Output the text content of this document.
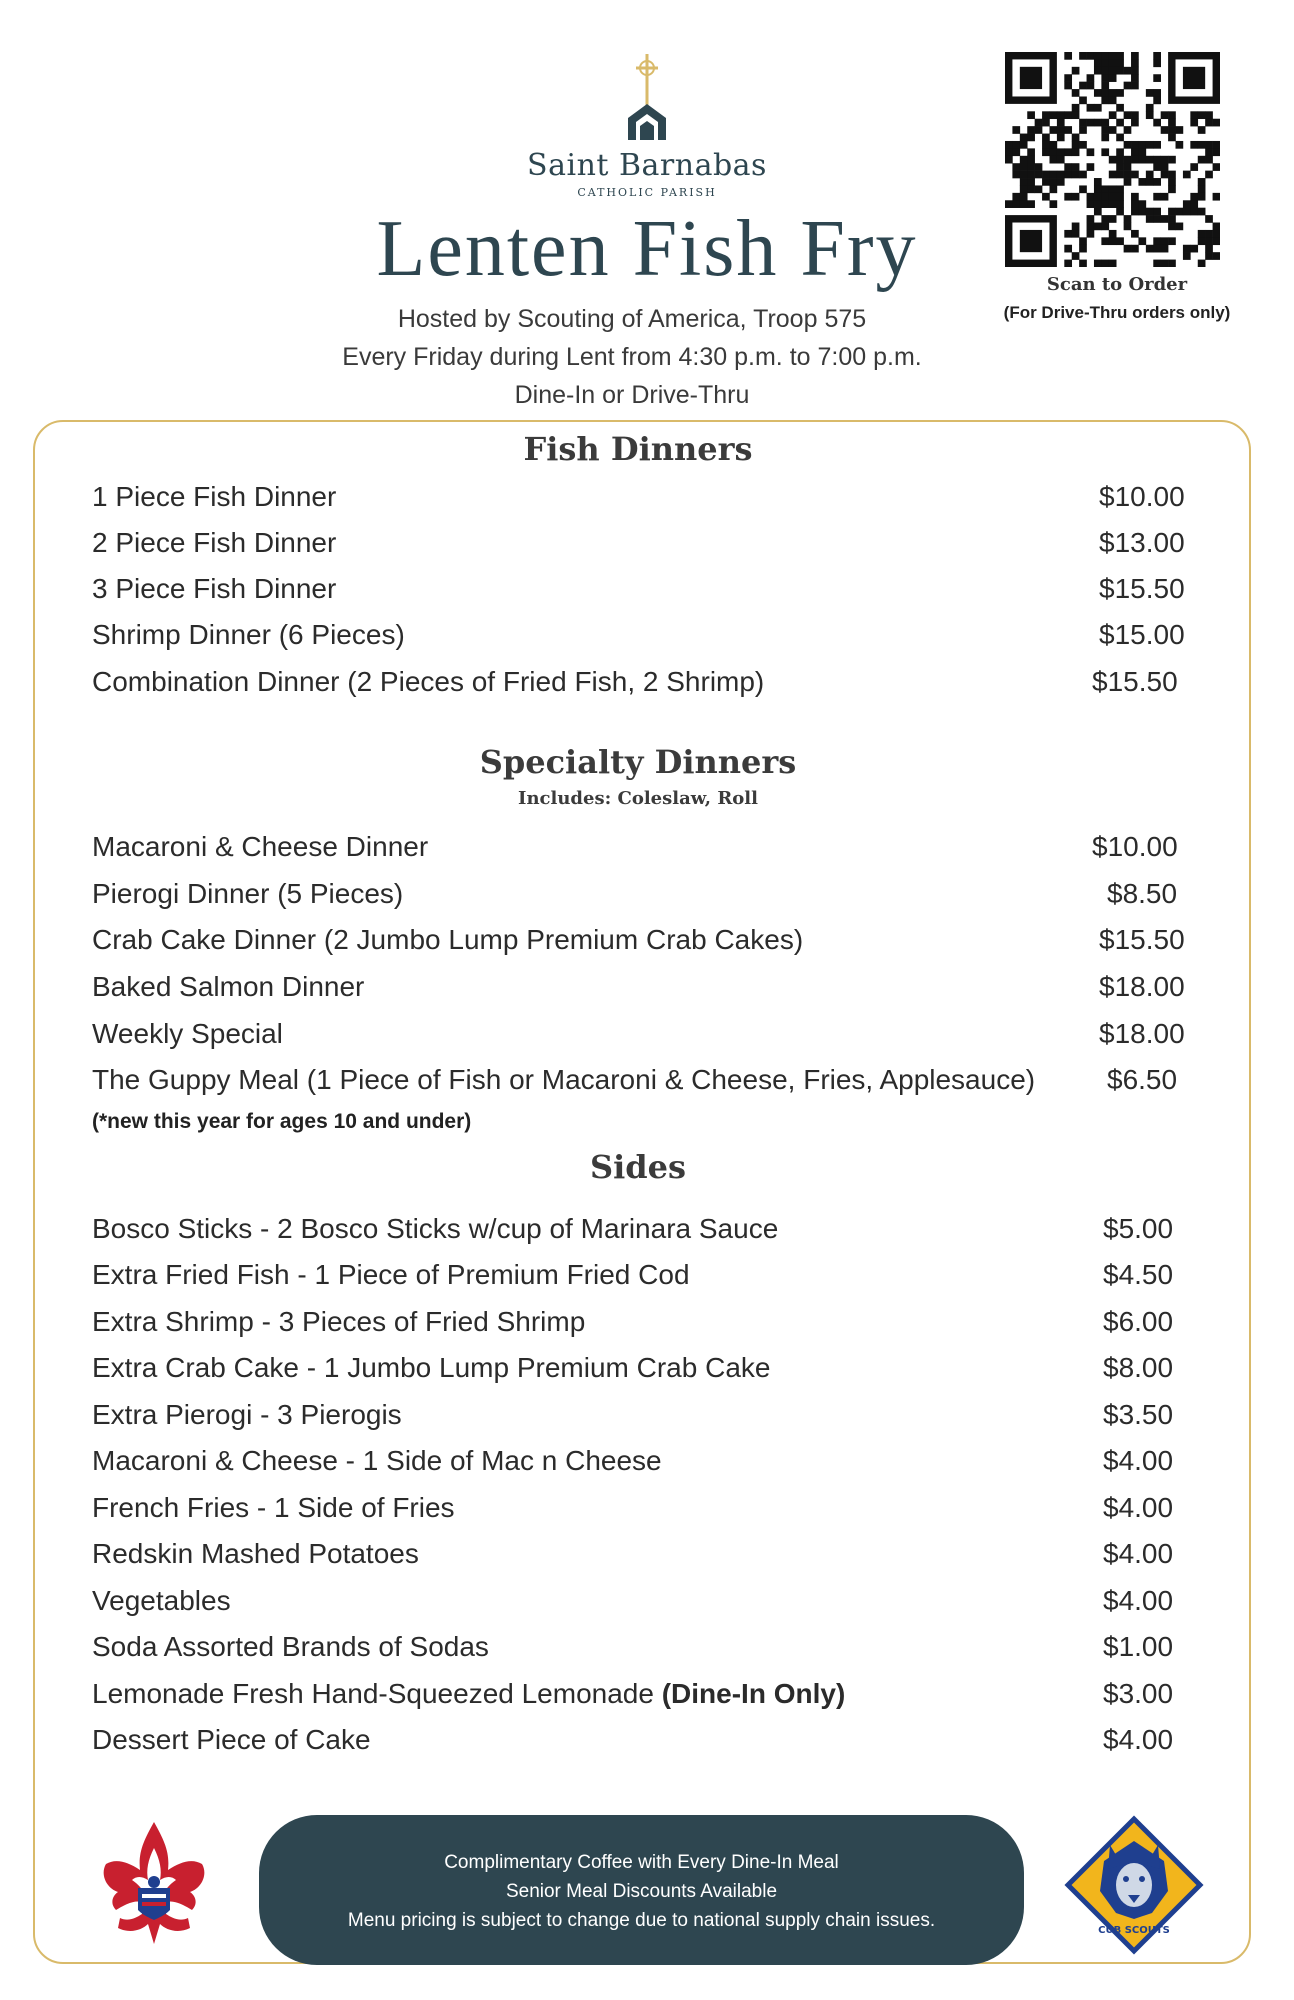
Saint Barnabas
CATHOLIC PARISH
Lenten Fish Fry
Hosted by Scouting of America, Troop 575
Every Friday during Lent from 4:30 p.m. to 7:00 p.m.
Dine-In or Drive-Thru
Scan to Order
(For Drive-Thru orders only)
Fish Dinners
1 Piece Fish Dinner	$10.00
2 Piece Fish Dinner	$13.00
3 Piece Fish Dinner	$15.50
Shrimp Dinner (6 Pieces)	$15.00
Combination Dinner (2 Pieces of Fried Fish, 2 Shrimp)	$15.50
Specialty Dinners
Includes: Coleslaw, Roll
Macaroni & Cheese Dinner	$10.00
Pierogi Dinner (5 Pieces)	$8.50
Crab Cake Dinner (2 Jumbo Lump Premium Crab Cakes)	$15.50
Baked Salmon Dinner	$18.00
Weekly Special	$18.00
The Guppy Meal (1 Piece of Fish or Macaroni & Cheese, Fries, Applesauce)	$6.50
(*new this year for ages 10 and under)
Sides
Bosco Sticks - 2 Bosco Sticks w/cup of Marinara Sauce	$5.00
Extra Fried Fish - 1 Piece of Premium Fried Cod	$4.50
Extra Shrimp - 3 Pieces of Fried Shrimp	$6.00
Extra Crab Cake - 1 Jumbo Lump Premium Crab Cake	$8.00
Extra Pierogi - 3 Pierogis	$3.50
Macaroni & Cheese - 1 Side of Mac n Cheese	$4.00
French Fries - 1 Side of Fries	$4.00
Redskin Mashed Potatoes	$4.00
Vegetables	$4.00
Soda Assorted Brands of Sodas	$1.00
Lemonade Fresh Hand-Squeezed Lemonade (Dine-In Only)	$3.00
Dessert Piece of Cake	$4.00
Complimentary Coffee with Every Dine-In Meal
Senior Meal Discounts Available
Menu pricing is subject to change due to national supply chain issues.	CUB SCOUTS
